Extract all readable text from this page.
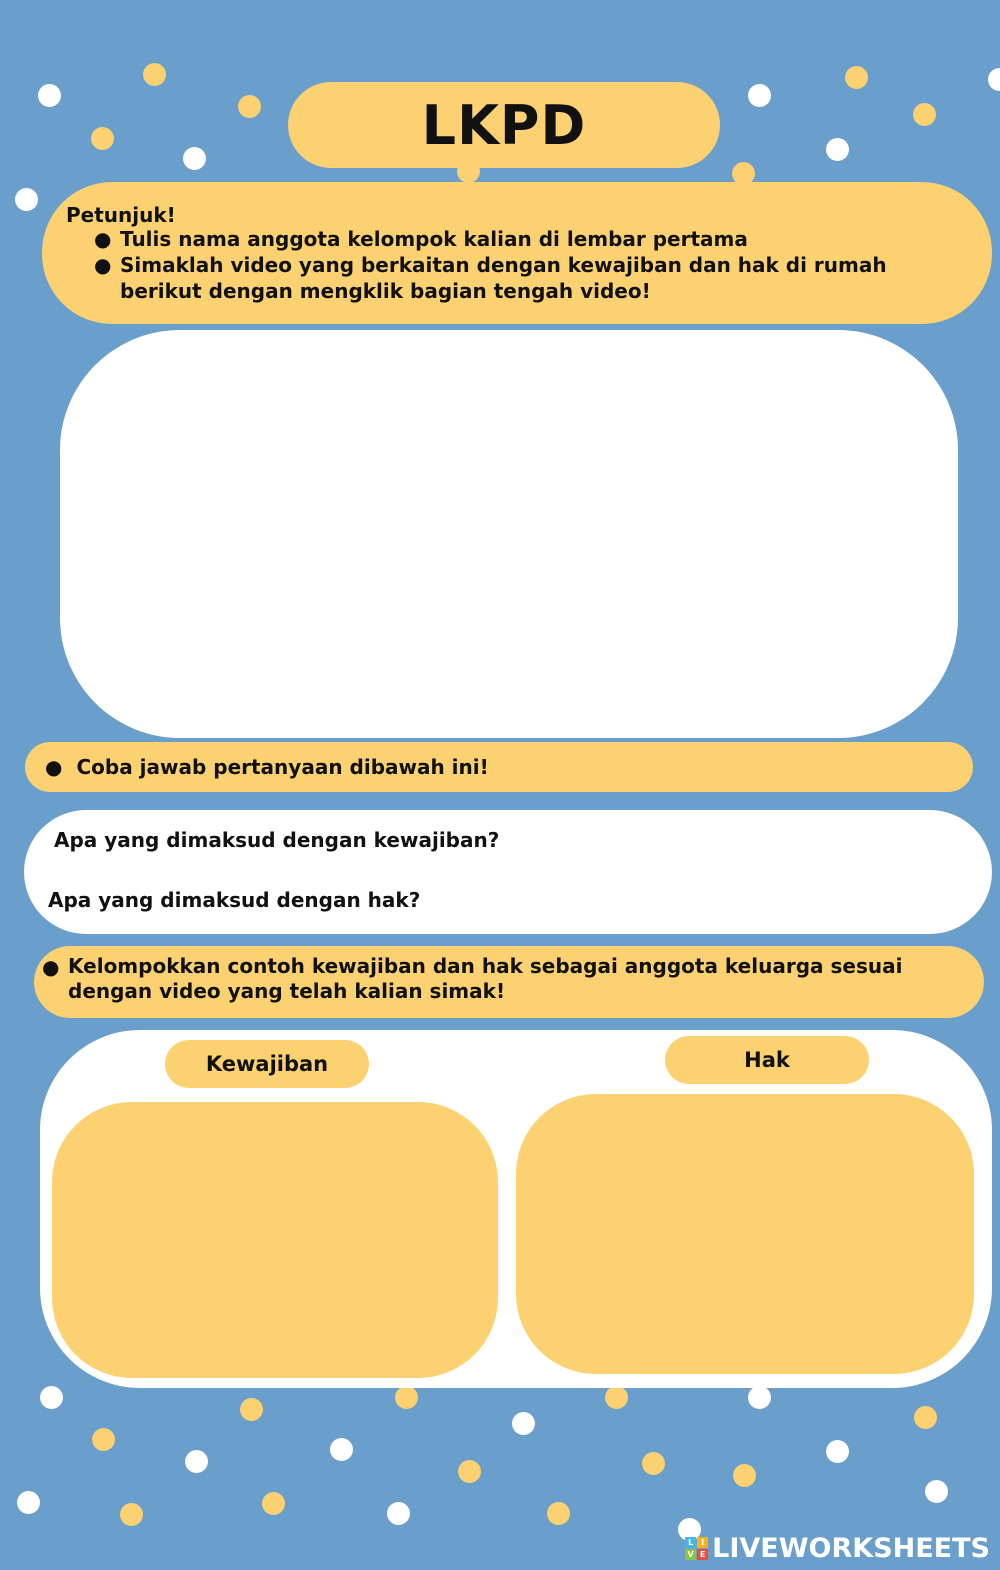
LKPD
Petunjuk!
● Tulis nama anggota kelompok kalian di lembar pertama
● Simaklah video yang berkaitan dengan kewajiban dan hak di rumah berikut dengan mengklik bagian tengah video!
● Coba jawab pertanyaan dibawah ini!
Apa yang dimaksud dengan kewajiban?
Apa yang dimaksud dengan hak?
● Kelompokkan contoh kewajiban dan hak sebagai anggota keluarga sesuai dengan video yang telah kalian simak!
Kewajiban	Hak
L I
V E LIVEWORKSHEETS
